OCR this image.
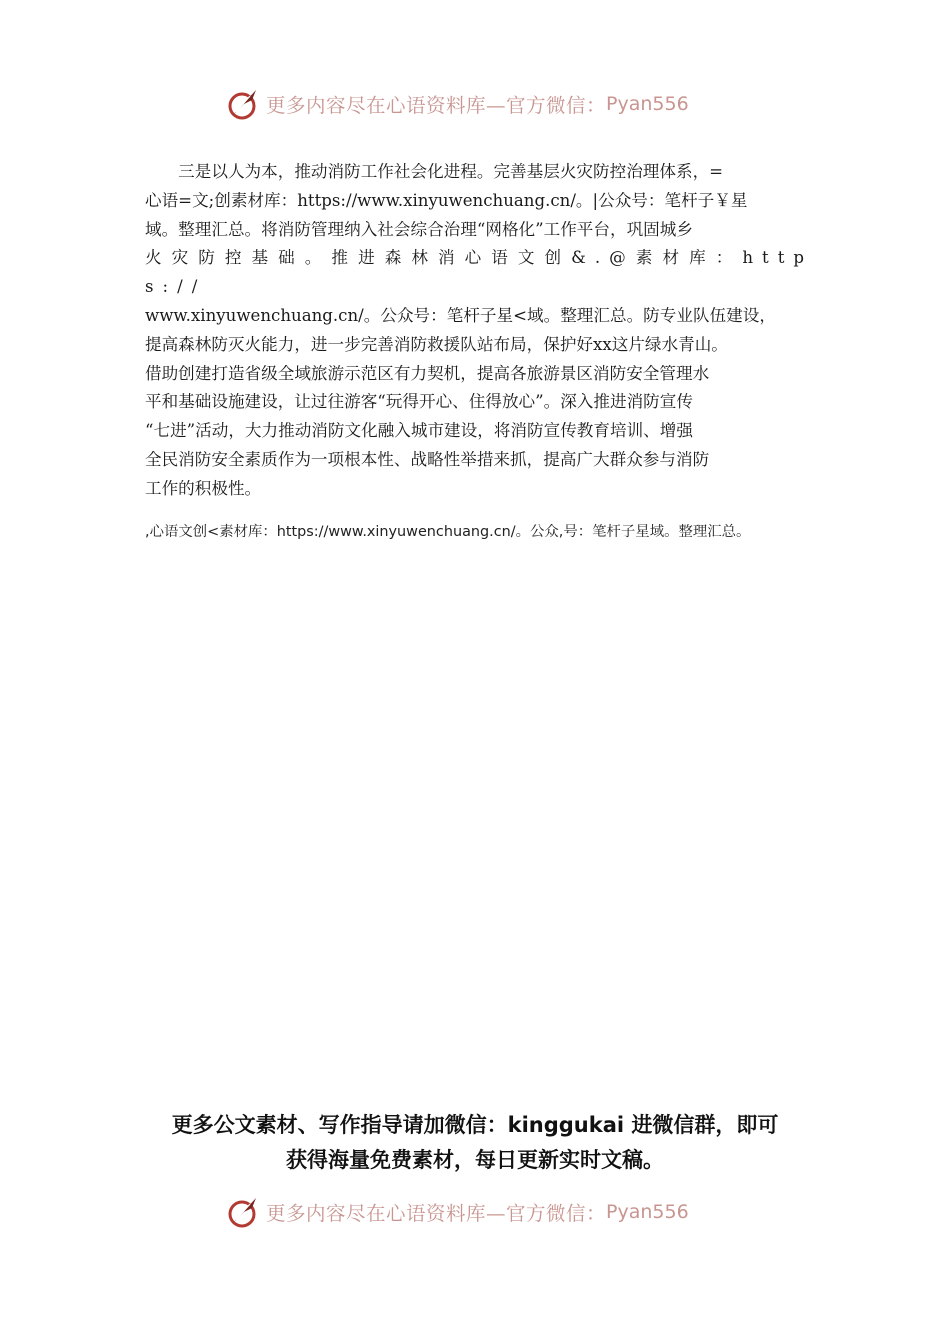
更多内容尽在心语资料库—官方微信： Pyan556
　　三是以人为本，推动消防工作社会化进程。完善基层火灾防控治理体系，=
心语=文;创素材库：https://www.xinyuwenchuang.cn/。|公众号：笔杆子￥星
域。整理汇总。将消防管理纳入社会综合治理“网格化”工作平台，巩固城乡
火灾防控基础。推进森林消心语文创&.@素材库：https://
www.xinyuwenchuang.cn/。公众号：笔杆子星<域。整理汇总。防专业队伍建设，
提高森林防灭火能力，进一步完善消防救援队站布局，保护好xx这片绿水青山。
借助创建打造省级全域旅游示范区有力契机，提高各旅游景区消防安全管理水
平和基础设施建设，让过往游客“玩得开心、住得放心”。深入推进消防宣传
“七进”活动，大力推动消防文化融入城市建设，将消防宣传教育培训、增强
全民消防安全素质作为一项根本性、战略性举措来抓，提高广大群众参与消防
工作的积极性。
,心语文创<素材库：https://www.xinyuwenchuang.cn/。公众,号：笔杆子星域。整理汇总。
更多公文素材、写作指导请加微信：kinggukai 进微信群，即可
获得海量免费素材，每日更新实时文稿。
更多内容尽在心语资料库—官方微信： Pyan556
